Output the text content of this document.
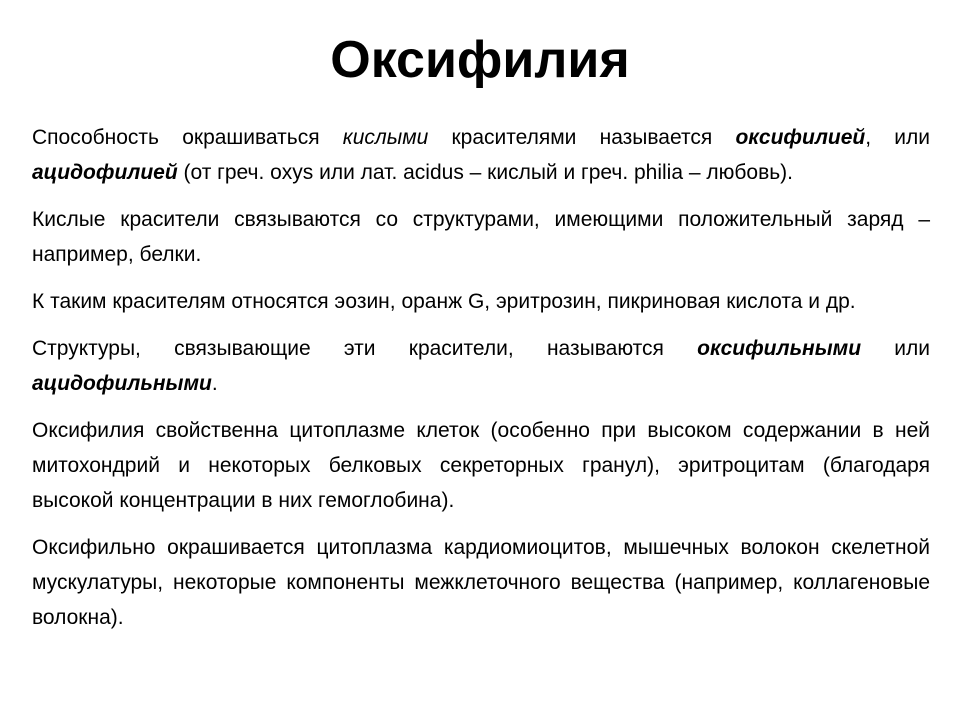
Оксифилия

Способность окрашиваться кислыми красителями называется оксифилией, или ацидофилией (от греч. oxys или лат. acidus – кислый и греч. philia – любовь).

Кислые красители связываются со структурами, имеющими положительный заряд – например, белки.

К таким красителям относятся эозин, оранж G, эритрозин, пикриновая кислота и др.

Структуры, связывающие эти красители, называются оксифильными или ацидофильными.

Оксифилия свойственна цитоплазме клеток (особенно при высоком содержании в ней митохондрий и некоторых белковых секреторных гранул), эритроцитам (благодаря высокой концентрации в них гемоглобина).

Оксифильно окрашивается цитоплазма кардиомиоцитов, мышечных волокон скелетной мускулатуры, некоторые компоненты межклеточного вещества (например, коллагеновые волокна).
